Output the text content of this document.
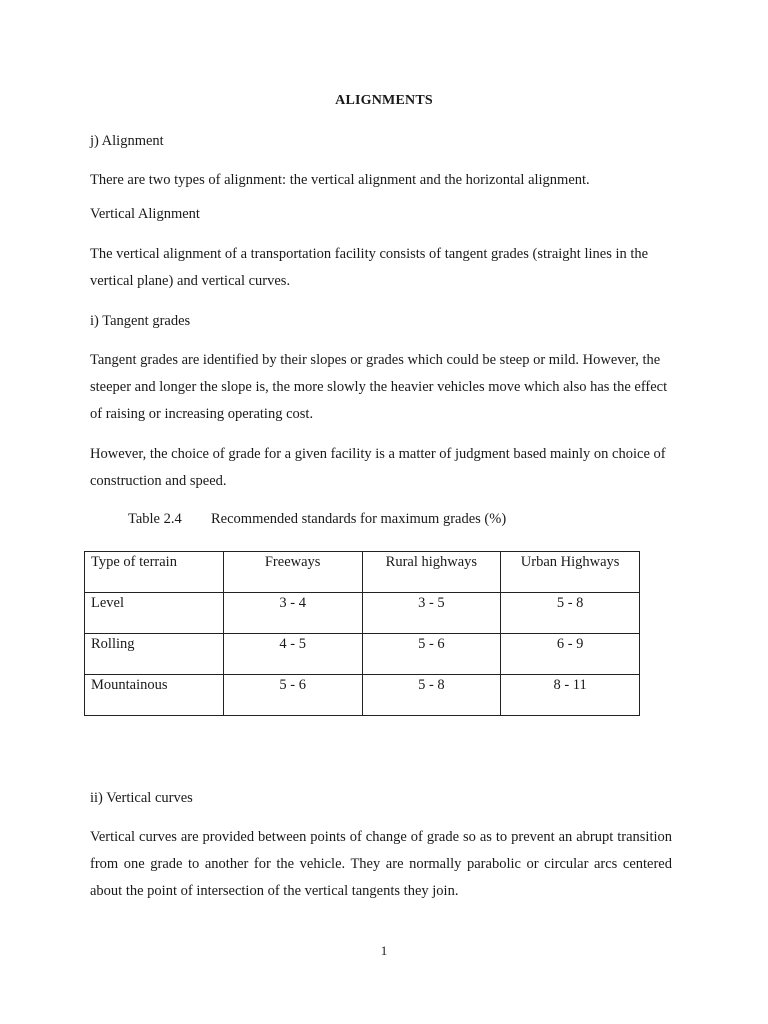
ALIGNMENTS
j) Alignment
There are two types of alignment: the vertical alignment and the horizontal alignment.
Vertical Alignment
The vertical alignment of a transportation facility consists of tangent grades (straight lines in the vertical plane) and vertical curves.
i) Tangent grades
Tangent grades are identified by their slopes or grades which could be steep or mild. However, the steeper and longer the slope is, the more slowly the heavier vehicles move which also has the effect of raising or increasing operating cost.
However, the choice of grade for a given facility is a matter of judgment based mainly on choice of construction and speed.
Table 2.4 Recommended standards for maximum grades (%)
Type of terrain	Freeways	Rural highways	Urban Highways
Level	3 - 4	3 - 5	5 - 8
Rolling	4 - 5	5 - 6	6 - 9
Mountainous	5 - 6	5 - 8	8 - 11
ii) Vertical curves
Vertical curves are provided between points of change of grade so as to prevent an abrupt transition from one grade to another for the vehicle. They are normally parabolic or circular arcs centered about the point of intersection of the vertical tangents they join.
1
